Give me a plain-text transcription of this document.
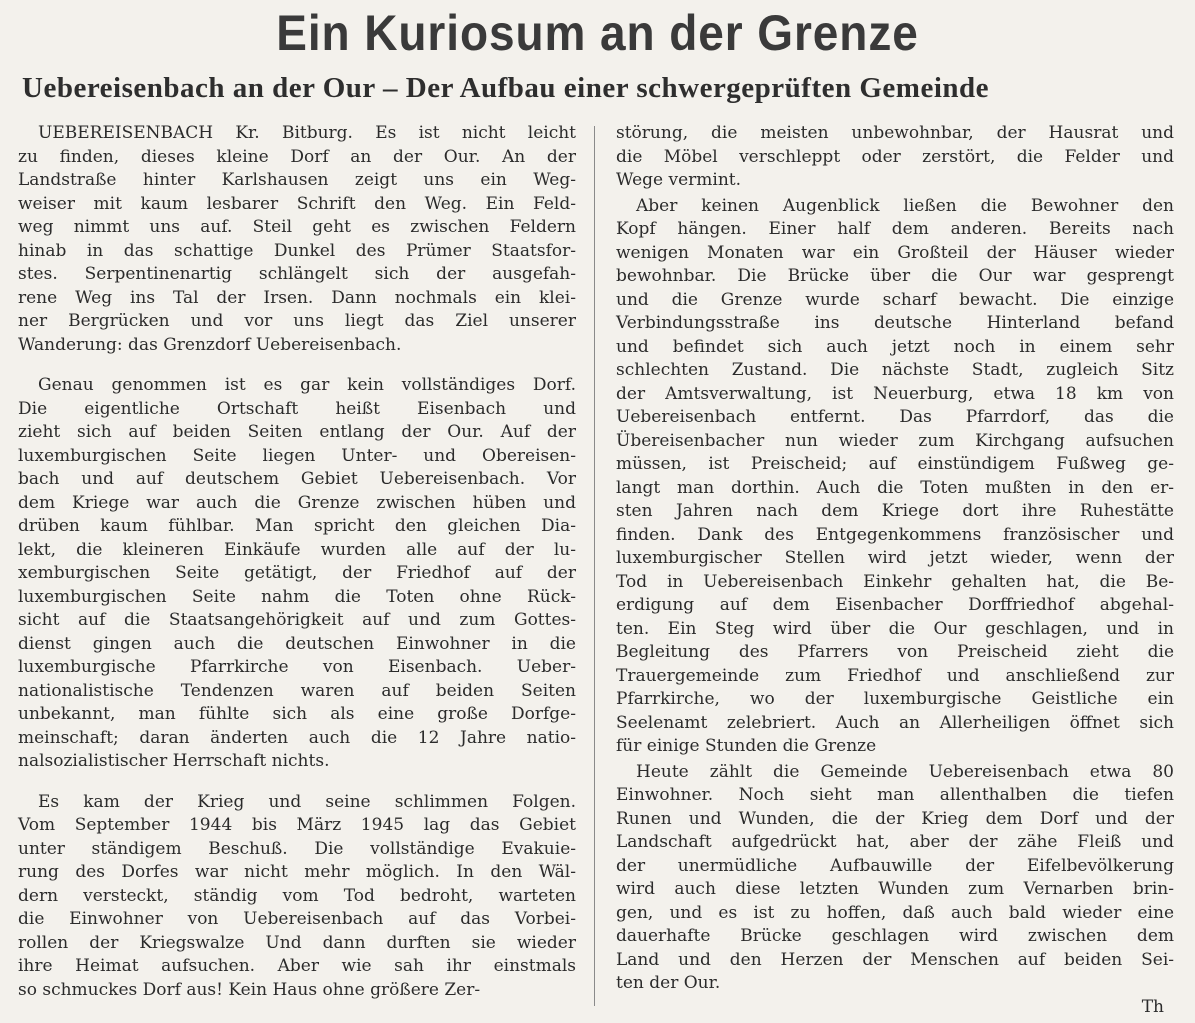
Ein Kuriosum an der Grenze
Uebereisenbach an der Our – Der Aufbau einer schwergeprüften Gemeinde

UEBEREISENBACH Kr. Bitburg. Es ist nicht leicht
zu finden, dieses kleine Dorf an der Our. An der
Landstraße hinter Karlshausen zeigt uns ein Weg-
weiser mit kaum lesbarer Schrift den Weg. Ein Feld-
weg nimmt uns auf. Steil geht es zwischen Feldern
hinab in das schattige Dunkel des Prümer Staatsfor-
stes. Serpentinenartig schlängelt sich der ausgefah-
rene Weg ins Tal der Irsen. Dann nochmals ein klei-
ner Bergrücken und vor uns liegt das Ziel unserer
Wanderung: das Grenzdorf Uebereisenbach.

Genau genommen ist es gar kein vollständiges Dorf.
Die eigentliche Ortschaft heißt Eisenbach und
zieht sich auf beiden Seiten entlang der Our. Auf der
luxemburgischen Seite liegen Unter- und Obereisen-
bach und auf deutschem Gebiet Uebereisenbach. Vor
dem Kriege war auch die Grenze zwischen hüben und
drüben kaum fühlbar. Man spricht den gleichen Dia-
lekt, die kleineren Einkäufe wurden alle auf der lu-
xemburgischen Seite getätigt, der Friedhof auf der
luxemburgischen Seite nahm die Toten ohne Rück-
sicht auf die Staatsangehörigkeit auf und zum Gottes-
dienst gingen auch die deutschen Einwohner in die
luxemburgische Pfarrkirche von Eisenbach. Ueber-
nationalistische Tendenzen waren auf beiden Seiten
unbekannt, man fühlte sich als eine große Dorfge-
meinschaft; daran änderten auch die 12 Jahre natio-
nalsozialistischer Herrschaft nichts.

Es kam der Krieg und seine schlimmen Folgen.
Vom September 1944 bis März 1945 lag das Gebiet
unter ständigem Beschuß. Die vollständige Evakuie-
rung des Dorfes war nicht mehr möglich. In den Wäl-
dern versteckt, ständig vom Tod bedroht, warteten
die Einwohner von Uebereisenbach auf das Vorbei-
rollen der Kriegswalze Und dann durften sie wieder
ihre Heimat aufsuchen. Aber wie sah ihr einstmals
so schmuckes Dorf aus! Kein Haus ohne größere Zer-

störung, die meisten unbewohnbar, der Hausrat und
die Möbel verschleppt oder zerstört, die Felder und
Wege vermint.

Aber keinen Augenblick ließen die Bewohner den
Kopf hängen. Einer half dem anderen. Bereits nach
wenigen Monaten war ein Großteil der Häuser wieder
bewohnbar. Die Brücke über die Our war gesprengt
und die Grenze wurde scharf bewacht. Die einzige
Verbindungsstraße ins deutsche Hinterland befand
und befindet sich auch jetzt noch in einem sehr
schlechten Zustand. Die nächste Stadt, zugleich Sitz
der Amtsverwaltung, ist Neuerburg, etwa 18 km von
Uebereisenbach entfernt. Das Pfarrdorf, das die
Übereisenbacher nun wieder zum Kirchgang aufsuchen
müssen, ist Preischeid; auf einstündigem Fußweg ge-
langt man dorthin. Auch die Toten mußten in den er-
sten Jahren nach dem Kriege dort ihre Ruhestätte
finden. Dank des Entgegenkommens französischer und
luxemburgischer Stellen wird jetzt wieder, wenn der
Tod in Uebereisenbach Einkehr gehalten hat, die Be-
erdigung auf dem Eisenbacher Dorffriedhof abgehal-
ten. Ein Steg wird über die Our geschlagen, und in
Begleitung des Pfarrers von Preischeid zieht die
Trauergemeinde zum Friedhof und anschließend zur
Pfarrkirche, wo der luxemburgische Geistliche ein
Seelenamt zelebriert. Auch an Allerheiligen öffnet sich
für einige Stunden die Grenze

Heute zählt die Gemeinde Uebereisenbach etwa 80
Einwohner. Noch sieht man allenthalben die tiefen
Runen und Wunden, die der Krieg dem Dorf und der
Landschaft aufgedrückt hat, aber der zähe Fleiß und
der unermüdliche Aufbauwille der Eifelbevölkerung
wird auch diese letzten Wunden zum Vernarben brin-
gen, und es ist zu hoffen, daß auch bald wieder eine
dauerhafte Brücke geschlagen wird zwischen dem
Land und den Herzen der Menschen auf beiden Sei-
ten der Our.

Th
